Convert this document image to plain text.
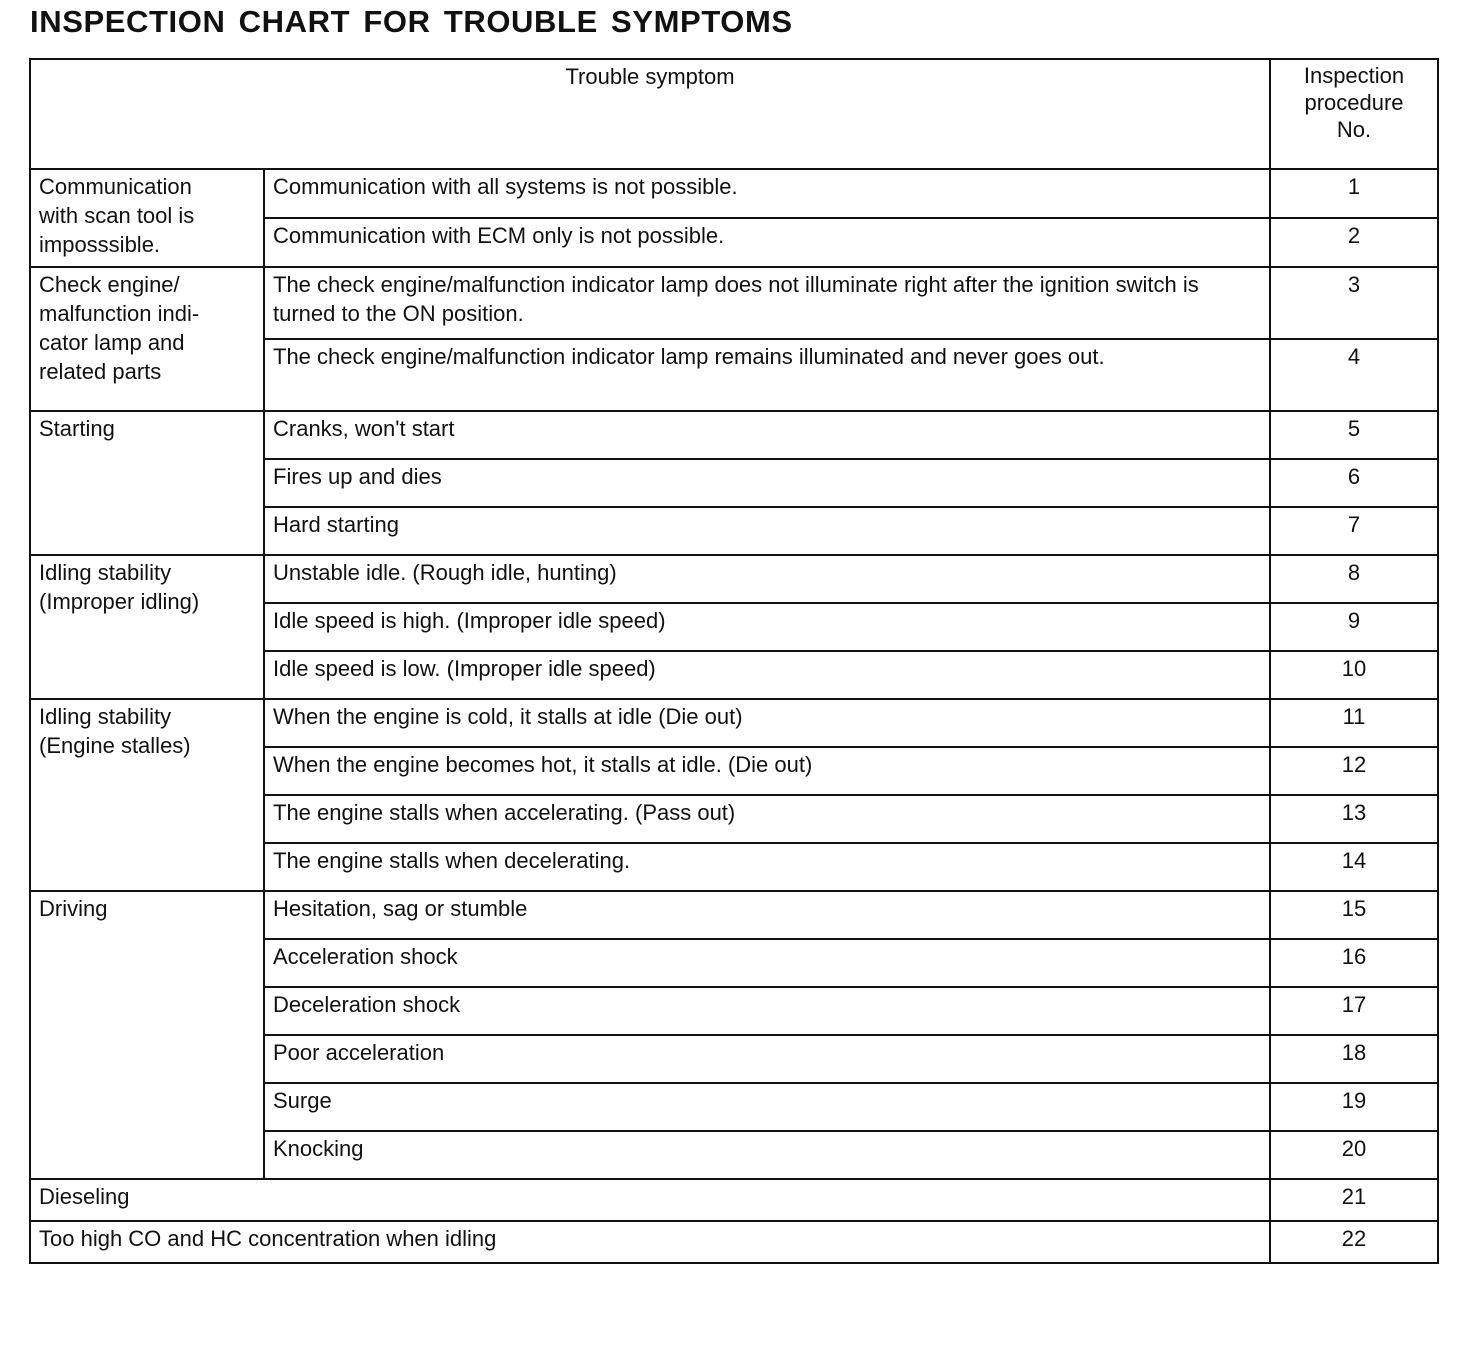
INSPECTION CHART FOR TROUBLE SYMPTOMS
Trouble symptom		Inspection
procedure
No.
Communication
with scan tool is
imposssible.	Communication with all systems is not possible.	1
	Communication with ECM only is not possible.	2
Check engine/
malfunction indi-
cator lamp and
related parts	The check engine/malfunction indicator lamp does not illuminate right after the ignition switch is turned to the ON position.	3
	The check engine/malfunction indicator lamp remains illuminated and never goes out.	4
Starting	Cranks, won't start	5
	Fires up and dies	6
	Hard starting	7
Idling stability
(Improper idling)	Unstable idle. (Rough idle, hunting)	8
	Idle speed is high. (Improper idle speed)	9
	Idle speed is low. (Improper idle speed)	10
Idling stability
(Engine stalles)	When the engine is cold, it stalls at idle (Die out)	11
	When the engine becomes hot, it stalls at idle. (Die out)	12
	The engine stalls when accelerating. (Pass out)	13
	The engine stalls when decelerating.	14
Driving	Hesitation, sag or stumble	15
	Acceleration shock	16
	Deceleration shock	17
	Poor acceleration	18
	Surge	19
	Knocking	20
Dieseling		21
Too high CO and HC concentration when idling		22
